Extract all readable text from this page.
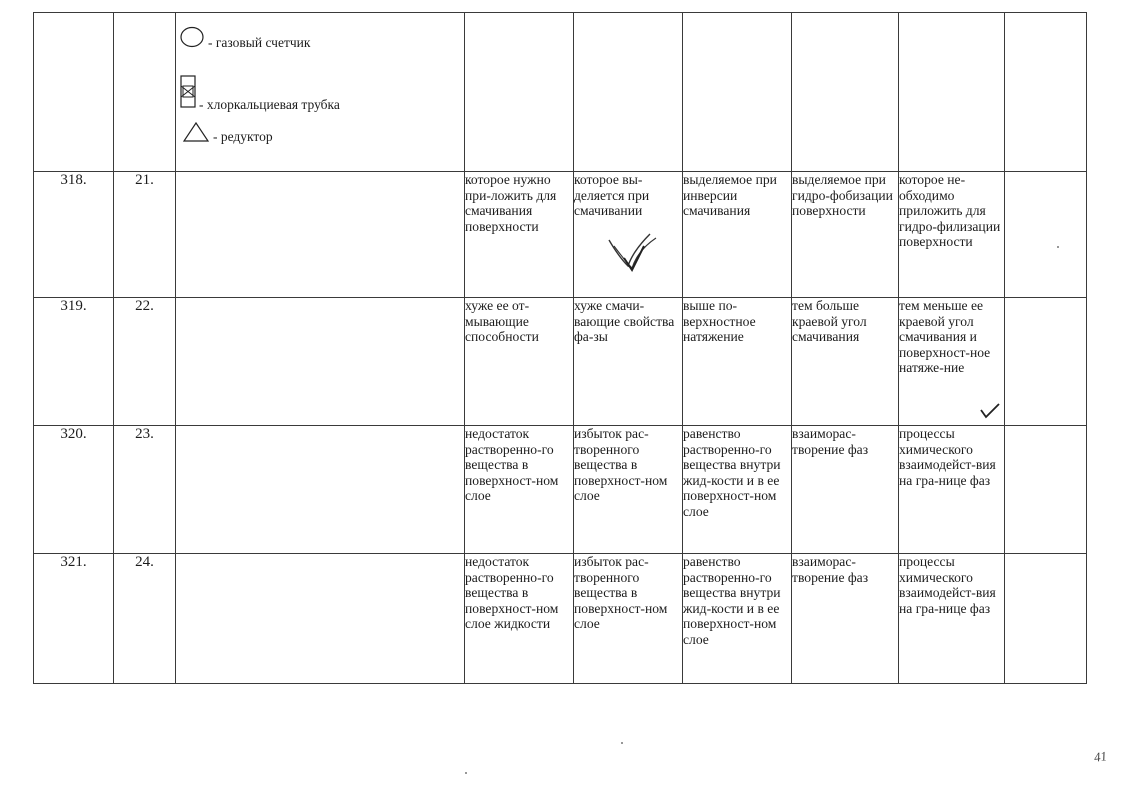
		- газовый счетчик
- хлоркальциевая трубка
- редуктор						

318.	21.		которое нужно при-ложить для смачивания поверхности	которое вы-деляется при смачивании	выделяемое при инверсии смачивания	выделяемое при гидро-фобизации поверхности	которое не-обходимо приложить для гидро-филизации поверхности	

319.	22.		хуже ее от-мывающие способности	хуже смачи-вающие свойства фа-зы	выше по-верхностное натяжение	тем больше краевой угол смачивания	тем меньше ее краевой угол смачивания и поверхност-ное натяже-ние

320.	23.		недостаток растворенно-го вещества в поверхност-ном слое	избыток рас-творенного вещества в поверхност-ном слое	равенство растворенно-го вещества внутри жид-кости и в ее поверхност-ном слое	взаиморас-творение фаз	процессы химического взаимодейст-вия на гра-нице фаз	
321.	24.		недостаток растворенно-го вещества в поверхност-ном слое жидкости	избыток рас-творенного вещества в поверхност-ном слое	равенство растворенно-го вещества внутри жид-кости и в ее поверхност-ном слое	взаиморас-творение фаз	процессы химического взаимодейст-вия на гра-нице фаз	
41
